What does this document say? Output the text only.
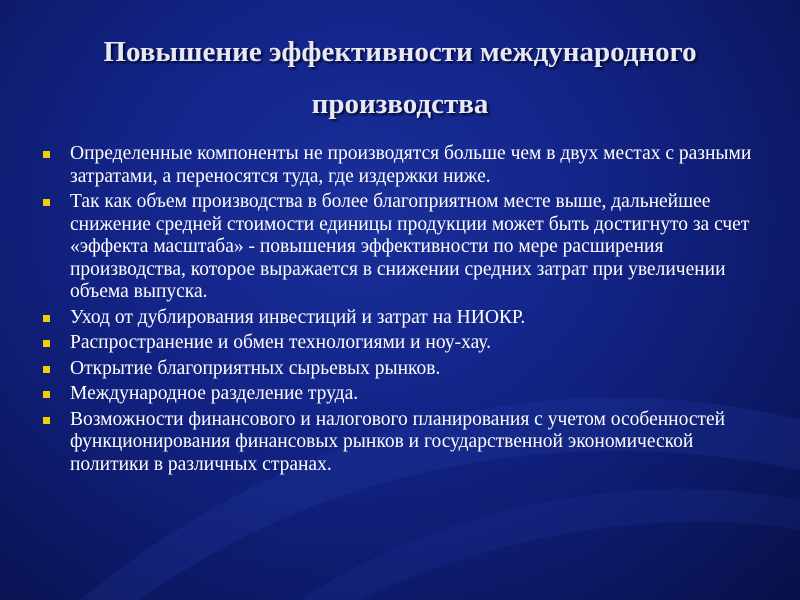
Повышение эффективности международного производства
Определенные компоненты не производятся больше чем в двух местах с разными затратами, а переносятся туда, где издержки ниже.
Так как объем производства в более благоприятном месте выше, дальнейшее снижение средней стоимости единицы продукции может быть достигнуто за счет «эффекта масштаба» - повышения эффективности по мере расширения производства, которое выражается в снижении средних затрат при увеличении объема выпуска.
Уход от дублирования инвестиций и затрат на НИОКР.
Распространение и обмен технологиями и ноу-хау.
Открытие благоприятных сырьевых рынков.
Международное разделение труда.
Возможности финансового и налогового планирования с учетом особенностей функционирования финансовых рынков и государственной экономической политики в различных странах.
